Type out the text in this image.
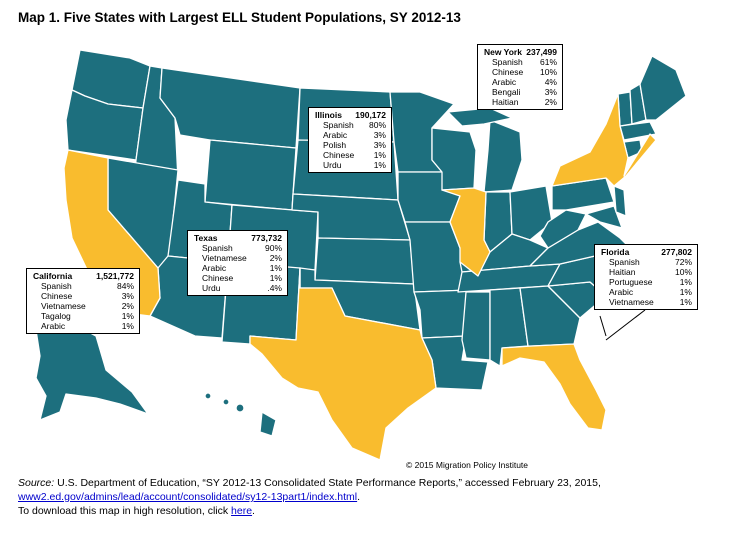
Map 1. Five States with Largest ELL Student Populations, SY 2012-13
New York 237,499
Spanish 61%
Chinese 10%
Arabic	4%
Bengali	3%
Haitian	2%
Illinois 190,172
Spanish 80%
Arabic	3%
Polish	3%
Chinese 1%
Urdu	1%
Texas	773,732
Spanish	90%
Vietnamese	2%
Arabic	1%
Chinese	1%
Urdu	.4%
Florida	277,802
Spanish	72%
Haitian	10%
Portuguese	1%
Arabic	1%
Vietnamese	1%
California	1,521,772
Spanish	84%
Chinese	3%
Vietnamese	2%
Tagalog	1%
Arabic	1%
© 2015 Migration Policy Institute
Source: U.S. Department of Education, “SY 2012-13 Consolidated State Performance Reports,” accessed February 23, 2015,
www2.ed.gov/admins/lead/account/consolidated/sy12-13part1/index.html.
To download this map in high resolution, click here.
